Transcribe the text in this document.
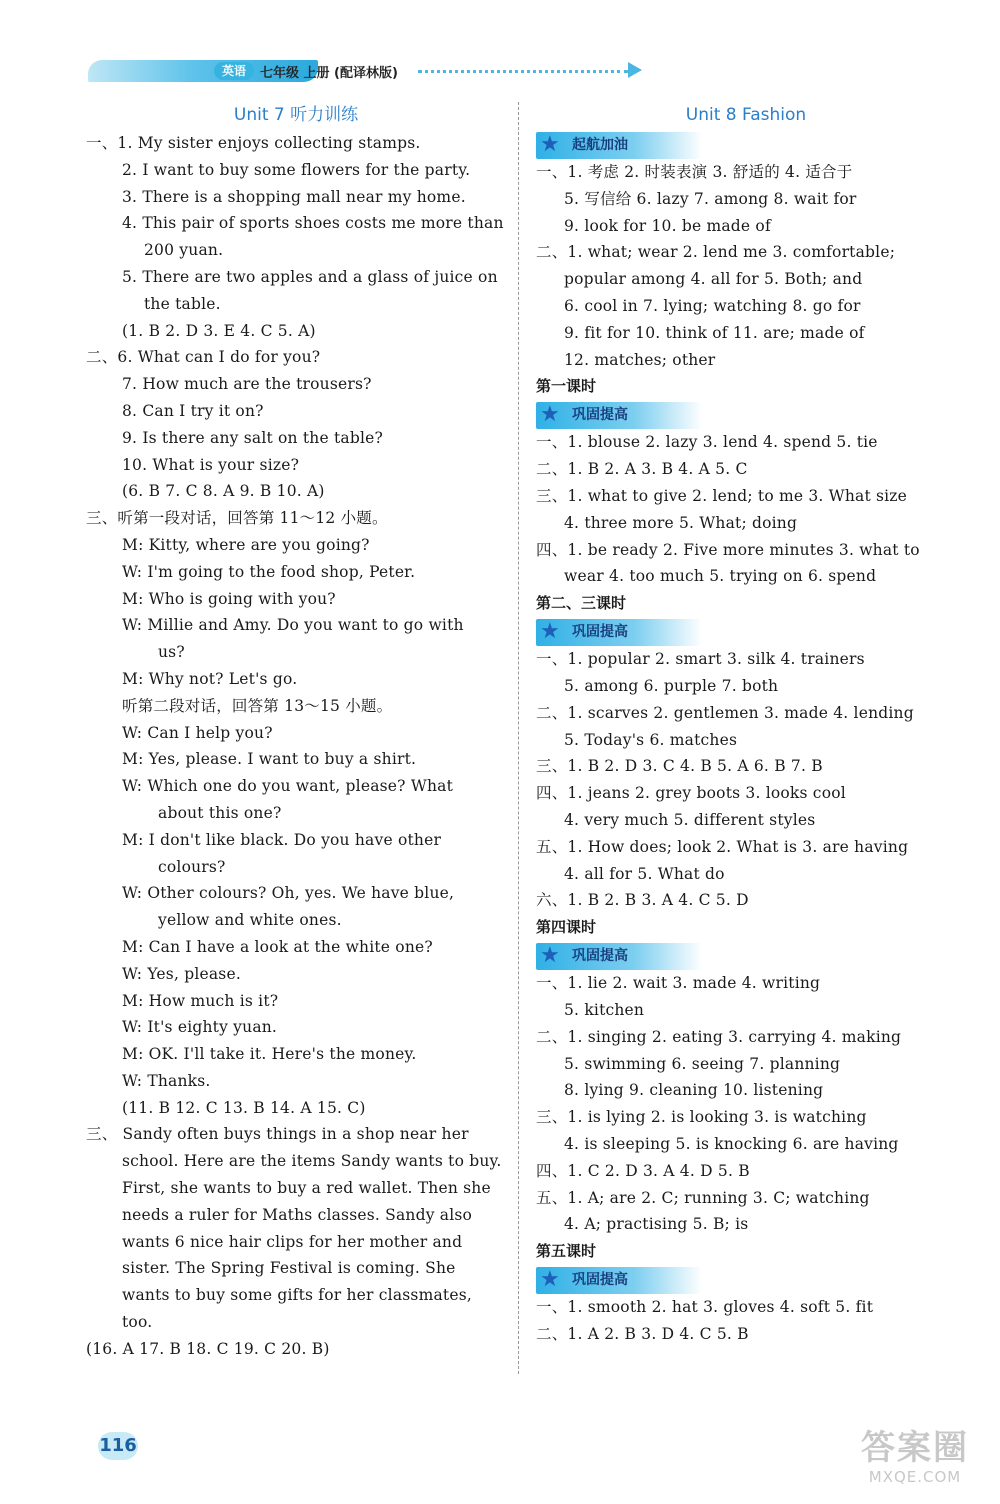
英语	七年级 上册 (配译林版)
Unit 7 听力训练
一、1. My sister enjoys collecting stamps.
2. I want to buy some flowers for the party.
3. There is a shopping mall near my home.
4. This pair of sports shoes costs me more than
200 yuan.
5. There are two apples and a glass of juice on
the table.
(1. B 2. D 3. E 4. C 5. A)
二、6. What can I do for you?
7. How much are the trousers?
8. Can I try it on?
9. Is there any salt on the table?
10. What is your size?
(6. B 7. C 8. A 9. B 10. A)
三、听第一段对话，回答第 11～12 小题。
M: Kitty, where are you going?
W: I'm going to the food shop, Peter.
M: Who is going with you?
W: Millie and Amy. Do you want to go with
us?
M: Why not? Let's go.
听第二段对话，回答第 13～15 小题。
W: Can I help you?
M: Yes, please. I want to buy a shirt.
W: Which one do you want, please? What
about this one?
M: I don't like black. Do you have other
colours?
W: Other colours? Oh, yes. We have blue,
yellow and white ones.
M: Can I have a look at the white one?
W: Yes, please.
M: How much is it?
W: It's eighty yuan.
M: OK. I'll take it. Here's the money.
W: Thanks.
(11. B 12. C 13. B 14. A 15. C)
三、 Sandy often buys things in a shop near her
school. Here are the items Sandy wants to buy.
First, she wants to buy a red wallet. Then she
needs a ruler for Maths classes. Sandy also
wants 6 nice hair clips for her mother and
sister. The Spring Festival is coming. She
wants to buy some gifts for her classmates,
too.
(16. A 17. B 18. C 19. C 20. B)
Unit 8 Fashion
★ 起航加油
一、1. 考虑 2. 时装表演 3. 舒适的 4. 适合于
5. 写信给 6. lazy 7. among 8. wait for
9. look for 10. be made of
二、1. what; wear 2. lend me 3. comfortable;
popular among 4. all for 5. Both; and
6. cool in 7. lying; watching 8. go for
9. fit for 10. think of 11. are; made of
12. matches; other
第一课时
★ 巩固提高
一、1. blouse 2. lazy 3. lend 4. spend 5. tie
二、1. B 2. A 3. B 4. A 5. C
三、1. what to give 2. lend; to me 3. What size
4. three more 5. What; doing
四、1. be ready 2. Five more minutes 3. what to
wear 4. too much 5. trying on 6. spend
第二、三课时
★ 巩固提高
一、1. popular 2. smart 3. silk 4. trainers
5. among 6. purple 7. both
二、1. scarves 2. gentlemen 3. made 4. lending
5. Today's 6. matches
三、1. B 2. D 3. C 4. B 5. A 6. B 7. B
四、1. jeans 2. grey boots 3. looks cool
4. very much 5. different styles
五、1. How does; look 2. What is 3. are having
4. all for 5. What do
六、1. B 2. B 3. A 4. C 5. D
第四课时
★ 巩固提高
一、1. lie 2. wait 3. made 4. writing
5. kitchen
二、1. singing 2. eating 3. carrying 4. making
5. swimming 6. seeing 7. planning
8. lying 9. cleaning 10. listening
三、1. is lying 2. is looking 3. is watching
4. is sleeping 5. is knocking 6. are having
四、1. C 2. D 3. A 4. D 5. B
五、1. A; are 2. C; running 3. C; watching
4. A; practising 5. B; is
第五课时
★ 巩固提高
一、1. smooth 2. hat 3. gloves 4. soft 5. fit
二、1. A 2. B 3. D 4. C 5. B
116	答案圈
MXQE.COM
